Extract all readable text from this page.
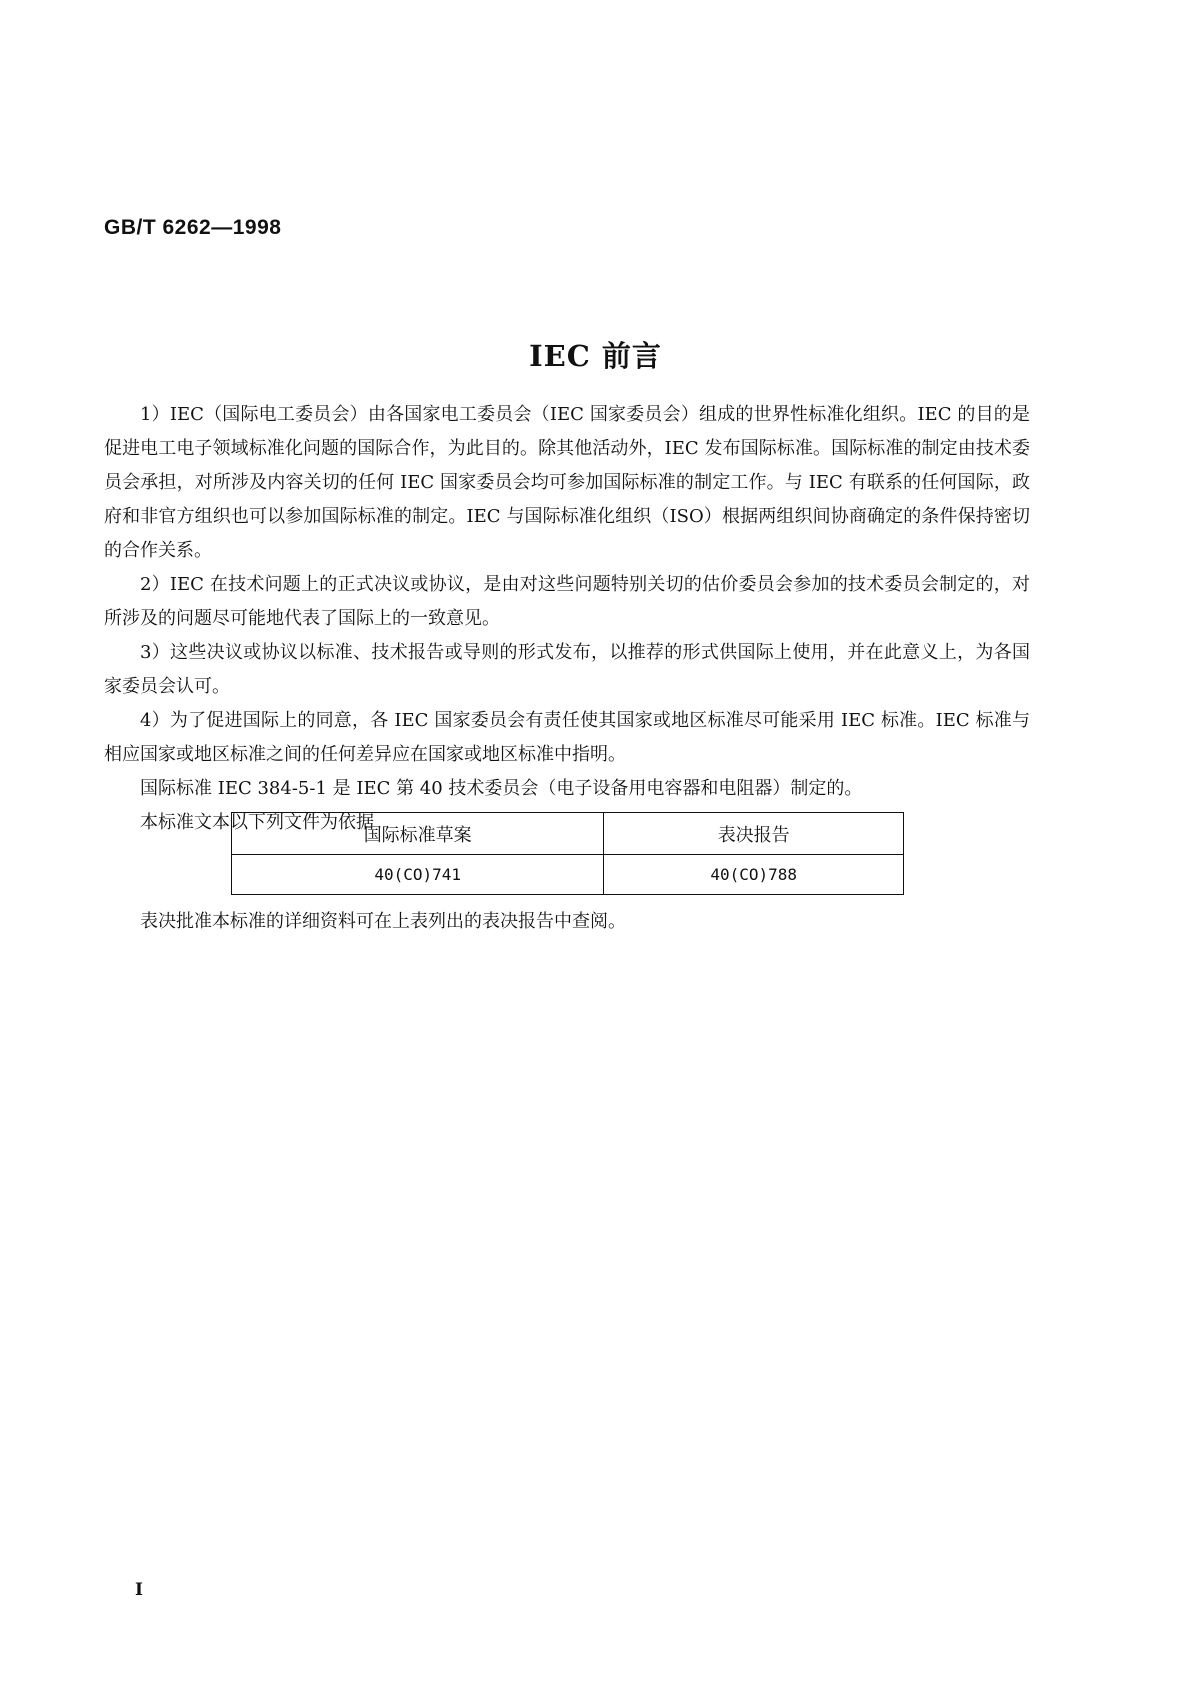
GB/T 6262—1998
IEC 前言

1）IEC（国际电工委员会）由各国家电工委员会（IEC 国家委员会）组成的世界性标准化组织。IEC 的目的是促进电工电子领域标准化问题的国际合作，为此目的。除其他活动外，IEC 发布国际标准。国际标准的制定由技术委员会承担，对所涉及内容关切的任何 IEC 国家委员会均可参加国际标准的制定工作。与 IEC 有联系的任何国际，政府和非官方组织也可以参加国际标准的制定。IEC 与国际标准化组织（ISO）根据两组织间协商确定的条件保持密切的合作关系。

2）IEC 在技术问题上的正式决议或协议，是由对这些问题特别关切的估价委员会参加的技术委员会制定的，对所涉及的问题尽可能地代表了国际上的一致意见。

3）这些决议或协议以标准、技术报告或导则的形式发布，以推荐的形式供国际上使用，并在此意义上，为各国家委员会认可。

4）为了促进国际上的同意，各 IEC 国家委员会有责任使其国家或地区标准尽可能采用 IEC 标准。IEC 标准与相应国家或地区标准之间的任何差异应在国家或地区标准中指明。

国际标准 IEC 384-5-1 是 IEC 第 40 技术委员会（电子设备用电容器和电阻器）制定的。

本标准文本以下列文件为依据

国际标准草案	表决报告
40(CO)741	40(CO)788

表决批准本标准的详细资料可在上表列出的表决报告中查阅。

I
